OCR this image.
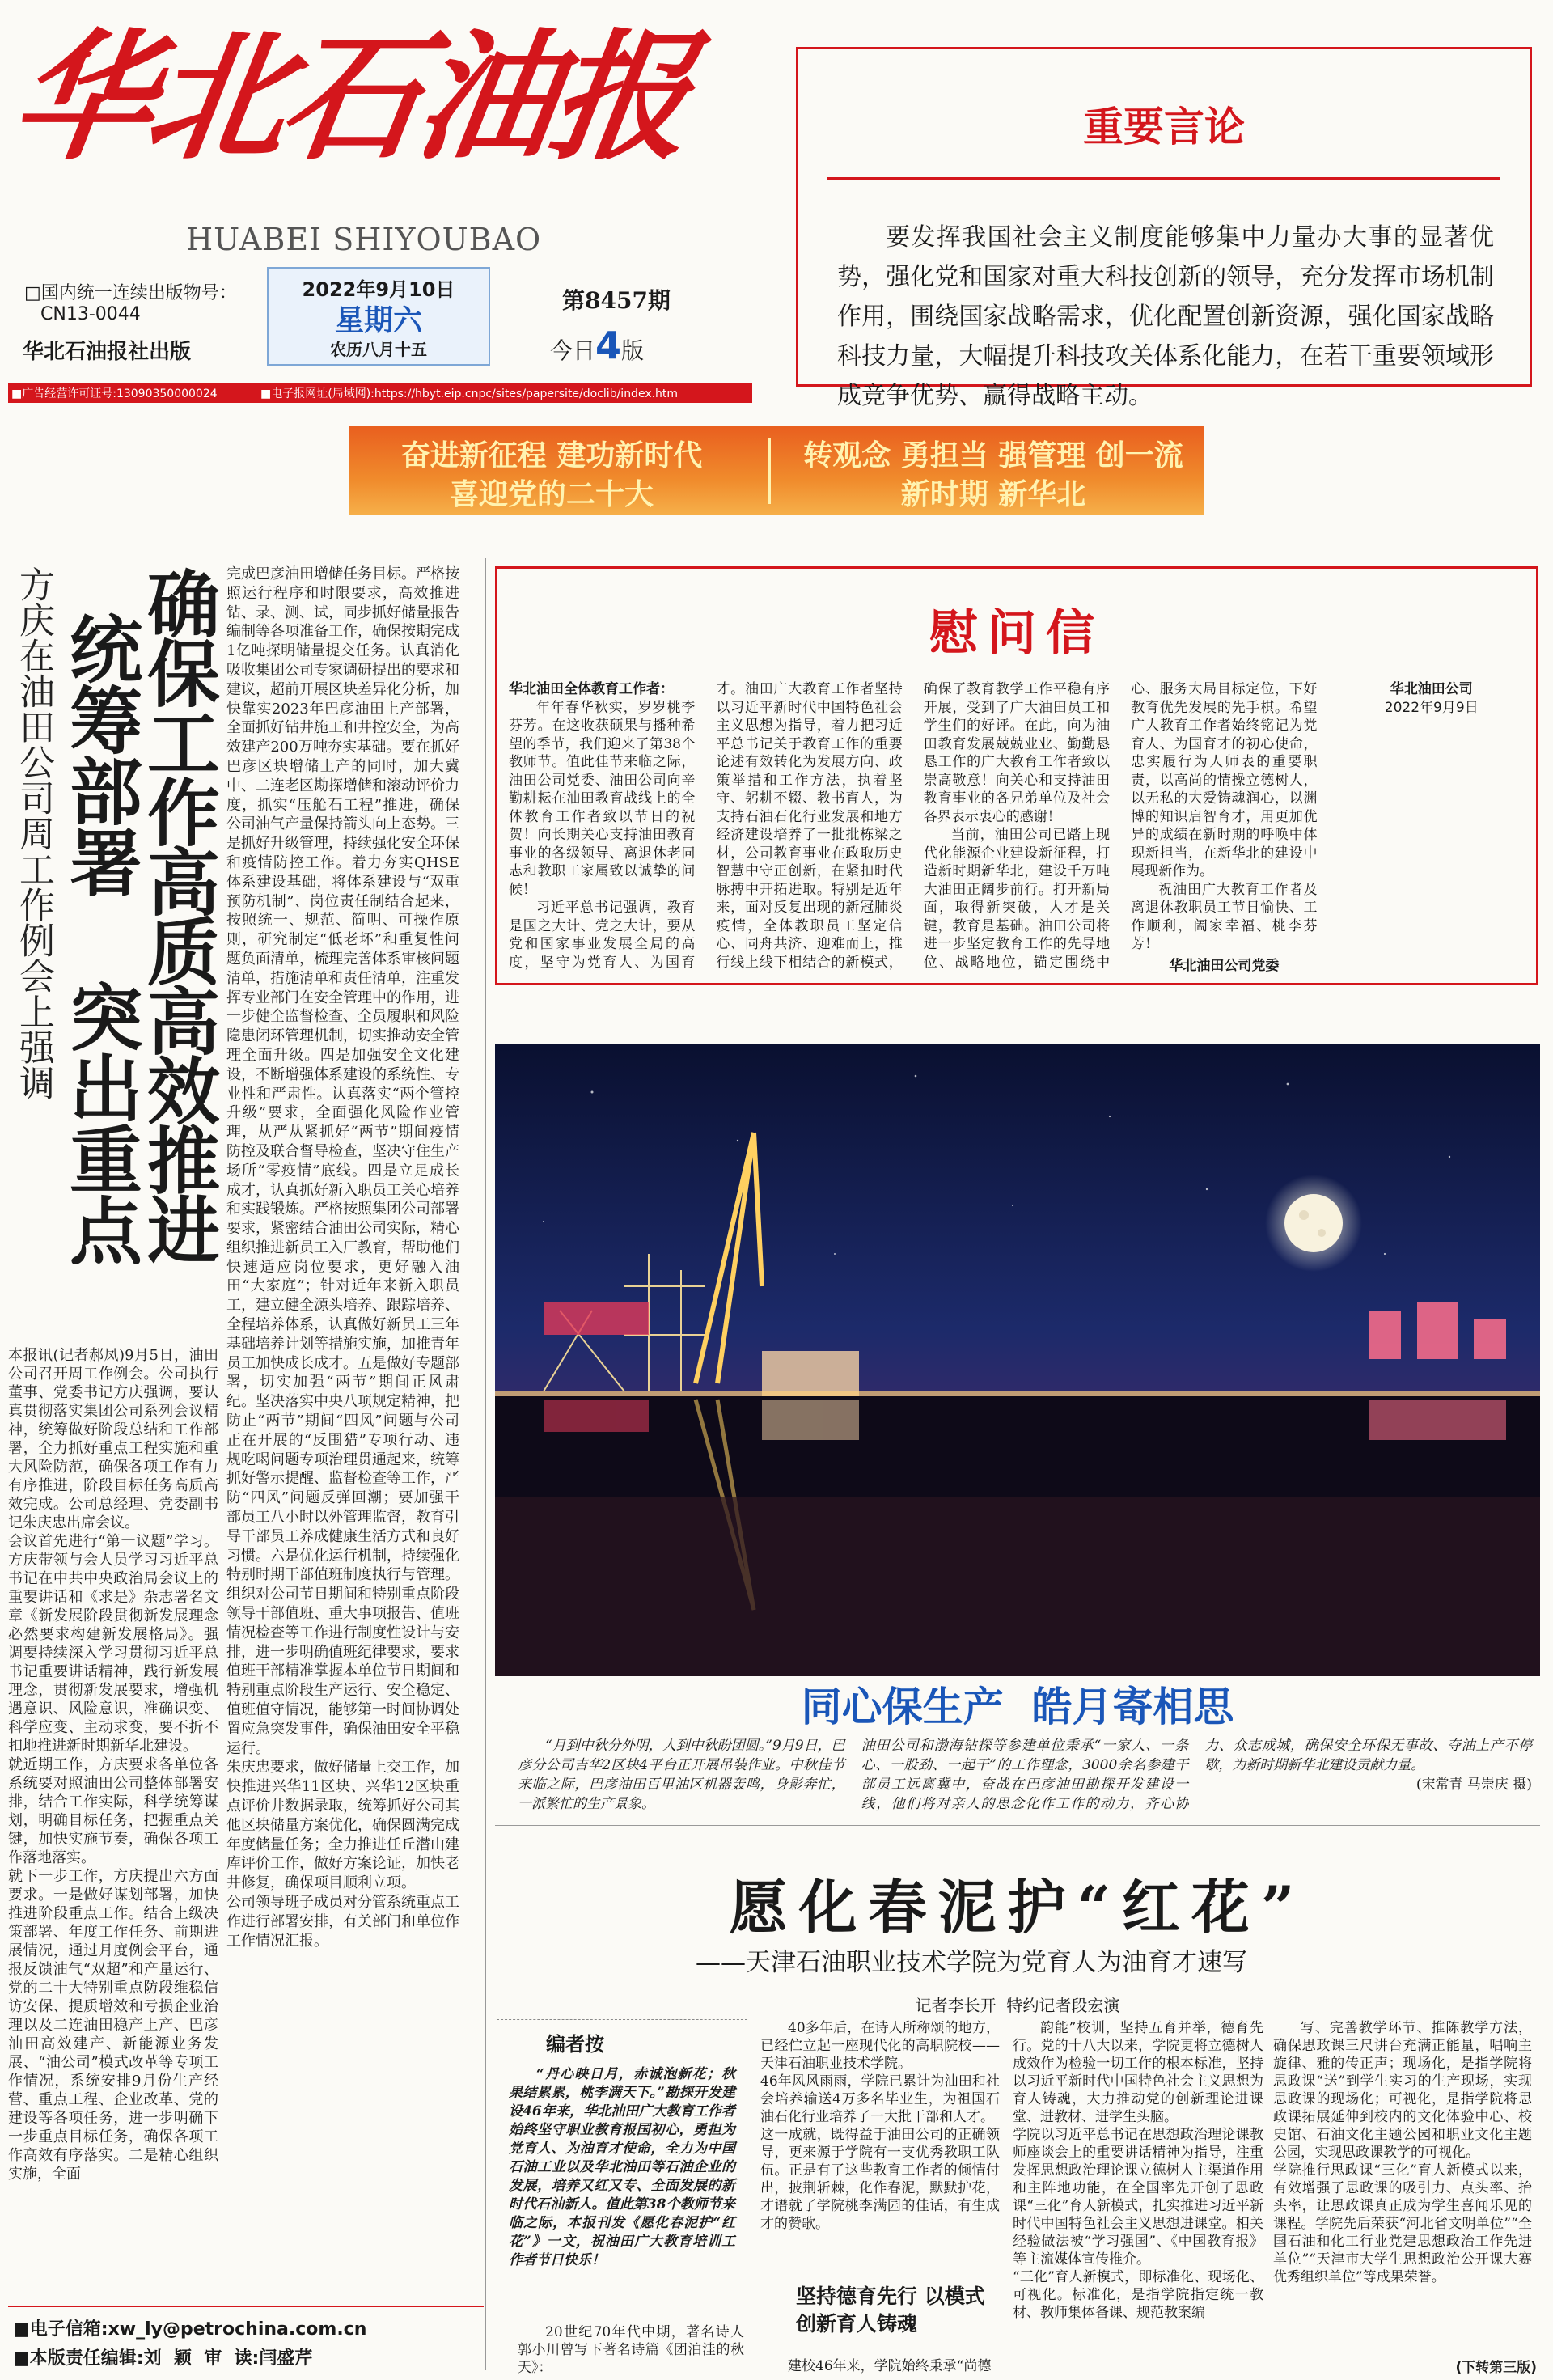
华北石油报
HUABEI SHIYOUBAO
□国内统一连续出版物号：
CN13-0044
华北石油报社出版
2022年9月10日
星期六
农历八月十五
第8457期
今日4版
■广告经营许可证号:13090350000024	■电子报网址(局域网):https://hbyt.eip.cnpc/sites/papersite/doclib/index.htm
重要言论
要发挥我国社会主义制度能够集中力量办大事的显著优势，强化党和国家对重大科技创新的领导，充分发挥市场机制作用，围绕国家战略需求，优化配置创新资源，强化国家战略科技力量，大幅提升科技攻关体系化能力，在若干重要领域形成竞争优势、赢得战略主动。
奋进新征程 建功新时代
喜迎党的二十大
转观念 勇担当 强管理 创一流
新时期 新华北
方庆在油田公司周工作例会上强调 确保工作高质高效推进
统筹部署 突出重点
本报讯(记者郝凤)9月5日，油田公司召开周工作例会。公司执行董事、党委书记方庆强调，要认真贯彻落实集团公司系列会议精神，统筹做好阶段总结和工作部署，全力抓好重点工程实施和重大风险防范，确保各项工作有力有序推进，阶段目标任务高质高效完成。公司总经理、党委副书记朱庆忠出席会议。
会议首先进行“第一议题”学习。方庆带领与会人员学习习近平总书记在中共中央政治局会议上的重要讲话和《求是》杂志署名文章《新发展阶段贯彻新发展理念必然要求构建新发展格局》。强调要持续深入学习贯彻习近平总书记重要讲话精神，践行新发展理念，贯彻新发展要求，增强机遇意识、风险意识，准确识变、科学应变、主动求变，要不折不扣地推进新时期新华北建设。
就近期工作，方庆要求各单位各系统要对照油田公司整体部署安排，结合工作实际，科学统筹谋划，明确目标任务，把握重点关键，加快实施节奏，确保各项工作落地落实。
就下一步工作，方庆提出六方面要求。一是做好谋划部署，加快推进阶段重点工作。结合上级决策部署、年度工作任务、前期进展情况，通过月度例会平台，通报反馈油气“双超”和产量运行、党的二十大特别重点防段维稳信访安保、提质增效和亏损企业治理以及二连油田稳产上产、巴彦油田高效建产、新能源业务发展、“油公司”模式改革等专项工作情况，系统安排9月份生产经营、重点工程、企业改革、党的建设等各项任务，进一步明确下一步重点目标任务，确保各项工作高效有序落实。二是精心组织实施，全面
完成巴彦油田增储任务目标。严格按照运行程序和时限要求，高效推进钻、录、测、试，同步抓好储量报告编制等各项准备工作，确保按期完成1亿吨探明储量提交任务。认真消化吸收集团公司专家调研提出的要求和建议，超前开展区块差异化分析，加快靠实2023年巴彦油田上产部署，全面抓好钻井施工和井控安全，为高效建产200万吨夯实基础。要在抓好巴彦区块增储上产的同时，加大冀中、二连老区勘探增储和滚动评价力度，抓实“压舱石工程”推进，确保公司油气产量保持箭头向上态势。三是抓好升级管理，持续强化安全环保和疫情防控工作。着力夯实QHSE体系建设基础，将体系建设与“双重预防机制”、岗位责任制结合起来，按照统一、规范、简明、可操作原则，研究制定“低老坏”和重复性问题负面清单，梳理完善体系审核问题清单，措施清单和责任清单，注重发挥专业部门在安全管理中的作用，进一步健全监督检查、全员履职和风险隐患闭环管理机制，切实推动安全管理全面升级。四是加强安全文化建设，不断增强体系建设的系统性、专业性和严肃性。认真落实“两个管控升级”要求，全面强化风险作业管理，从严从紧抓好“两节”期间疫情防控及联合督导检查，坚决守住生产场所“零疫情”底线。四是立足成长成才，认真抓好新入职员工关心培养和实践锻炼。严格按照集团公司部署要求，紧密结合油田公司实际，精心组织推进新员工入厂教育，帮助他们快速适应岗位要求，更好融入油田“大家庭”；针对近年来新入职员工，建立健全源头培养、跟踪培养、全程培养体系，认真做好新员工三年基础培养计划等措施实施，加推青年员工加快成长成才。五是做好专题部署，切实加强“两节”期间正风肃纪。坚决落实中央八项规定精神，把防止“两节”期间“四风”问题与公司正在开展的“反围猎”专项行动、违规吃喝问题专项治理贯通起来，统筹抓好警示提醒、监督检查等工作，严防“四风”问题反弹回潮；要加强干部员工八小时以外管理监督，教育引导干部员工养成健康生活方式和良好习惯。六是优化运行机制，持续强化特别时期干部值班制度执行与管理。组织对公司节日期间和特别重点阶段领导干部值班、重大事项报告、值班情况检查等工作进行制度性设计与安排，进一步明确值班纪律要求，要求值班干部精准掌握本单位节日期间和特别重点阶段生产运行、安全稳定、值班值守情况，能够第一时间协调处置应急突发事件，确保油田安全平稳运行。
朱庆忠要求，做好储量上交工作，加快推进兴华11区块、兴华12区块重点评价井数据录取，统筹抓好公司其他区块储量方案优化，确保圆满完成年度储量任务；全力推进任丘潜山建库评价工作，做好方案论证，加快老井修复，确保项目顺利立项。
公司领导班子成员对分管系统重点工作进行部署安排，有关部门和单位作工作情况汇报。
慰问信
华北油田全体教育工作者：
年年春华秋实，岁岁桃李芬芳。在这收获硕果与播种希望的季节，我们迎来了第38个教师节。值此佳节来临之际，油田公司党委、油田公司向辛勤耕耘在油田教育战线上的全体教育工作者致以节日的祝贺！向长期关心支持油田教育事业的各级领导、离退休老同志和教职工家属致以诚挚的问候！
习近平总书记强调，教育是国之大计、党之大计，要从党和国家事业发展全局的高度，坚守为党育人、为国育才。油田广大教育工作者坚持以习近平新时代中国特色社会主义思想为指导，着力把习近平总书记关于教育工作的重要论述有效转化为发展方向、政策举措和工作方法，执着坚守、躬耕不辍、教书育人，为支持石油石化行业发展和地方经济建设培养了一批批栋梁之材，公司教育事业在政取历史智慧中守正创新，在紧扣时代脉搏中开拓进取。特别是近年来，面对反复出现的新冠肺炎疫情，全体教职员工坚定信心、同舟共济、迎难而上，推行线上线下相结合的新模式，确保了教育教学工作平稳有序开展，受到了广大油田员工和学生们的好评。在此，向为油田教育发展兢兢业业、勤勤恳恳工作的广大教育工作者致以崇高敬意！向关心和支持油田教育事业的各兄弟单位及社会各界表示衷心的感谢！
当前，油田公司已踏上现代化能源企业建设新征程，打造新时期新华北，建设千万吨大油田正阔步前行。打开新局面，取得新突破，人才是关键，教育是基础。油田公司将进一步坚定教育工作的先导地位、战略地位，锚定围绕中心、服务大局目标定位，下好教育优先发展的先手棋。希望广大教育工作者始终铭记为党育人、为国育才的初心使命，忠实履行为人师表的重要职责，以高尚的情操立德树人，以无私的大爱铸魂润心，以渊博的知识启智育才，用更加优异的成绩在新时期的呼唤中体现新担当，在新华北的建设中展现新作为。
祝油田广大教育工作者及离退休教职员工节日愉快、工作顺利，阖家幸福、桃李芬芳！
华北油田公司党委
华北油田公司
2022年9月9日
同心保生产  皓月寄相思
“月到中秋分外明，人到中秋盼团圆。”9月9日，巴彦分公司吉华2区块4平台正开展吊装作业。中秋佳节来临之际，巴彦油田百里油区机器轰鸣，身影奔忙，一派繁忙的生产景象。
油田公司和渤海钻探等参建单位秉承“一家人、一条心、一股劲、一起干”的工作理念，3000余名参建干部员工远离冀中，奋战在巴彦油田勘探开发建设一线，他们将对亲人的思念化作工作的动力，齐心协力、众志成城，确保安全环保无事故、夺油上产不停歇，为新时期新华北建设贡献力量。
(宋常青 马崇庆 摄)
愿化春泥护“红花”
——天津石油职业技术学院为党育人为油育才速写
记者李长开  特约记者段宏演
编者按
“丹心映日月，赤诚泡新花；秋果结累累，桃李满天下。”勘探开发建设46年来，华北油田广大教育工作者始终坚守职业教育报国初心，勇担为党育人、为油育才使命，全力为中国石油工业以及华北油田等石油企业的发展，培养又红又专、全面发展的新时代石油新人。值此第38个教师节来临之际，本报刊发《愿化春泥护“红花”》一文，祝油田广大教育培训工作者节日快乐！
20世纪70年代中期，著名诗人郭小川曾写下著名诗篇《团泊洼的秋天》：
40多年后，在诗人所称颂的地方，已经伫立起一座现代化的高职院校——天津石油职业技术学院。
46年风风雨雨，学院已累计为油田和社会培养输送4万多名毕业生，为祖国石油石化行业培养了一大批干部和人才。
这一成就，既得益于油田公司的正确领导，更来源于学院有一支优秀教职工队伍。正是有了这些教育工作者的倾情付出，披荆斩棘，化作春泥，默默护花，才谱就了学院桃李满园的佳话，有生成才的赞歌。
坚持德育先行 以模式创新育人铸魂
建校46年来，学院始终秉承“尚德
韵能”校训，坚持五育并举，德育先行。党的十八大以来，学院更将立德树人成效作为检验一切工作的根本标准，坚持以习近平新时代中国特色社会主义思想为育人铸魂，大力推动党的创新理论进课堂、进教材、进学生头脑。
学院以习近平总书记在思想政治理论课教师座谈会上的重要讲话精神为指导，注重发挥思想政治理论课立德树人主渠道作用和主阵地功能，在全国率先开创了思政课“三化”育人新模式，扎实推进习近平新时代中国特色社会主义思想进课堂。相关经验做法被“学习强国”、《中国教育报》等主流媒体宣传推介。
“三化”育人新模式，即标准化、现场化、可视化。标准化，是指学院指定统一教材、教师集体备课、规范教案编
写、完善教学环节、推陈教学方法，确保思政课三尺讲台充满正能量，唱响主旋律、雅的传正声；现场化，是指学院将思政课“送”到学生实习的生产现场，实现思政课的现场化；可视化，是指学院将思政课拓展延伸到校内的文化体验中心、校史馆、石油文化主题公园和职业文化主题公园，实现思政课教学的可视化。
学院推行思政课“三化”育人新模式以来，有效增强了思政课的吸引力、点头率、抬头率，让思政课真正成为学生喜闻乐见的课程。学院先后荣获“河北省文明单位”“全国石油和化工行业党建思想政治工作先进单位”“天津市大学生思想政治公开课大赛优秀组织单位”等成果荣誉。
(下转第三版)
■电子信箱:xw_ly@petrochina.com.cn
■本版责任编辑:刘  颖  审  读:闫盛芹
